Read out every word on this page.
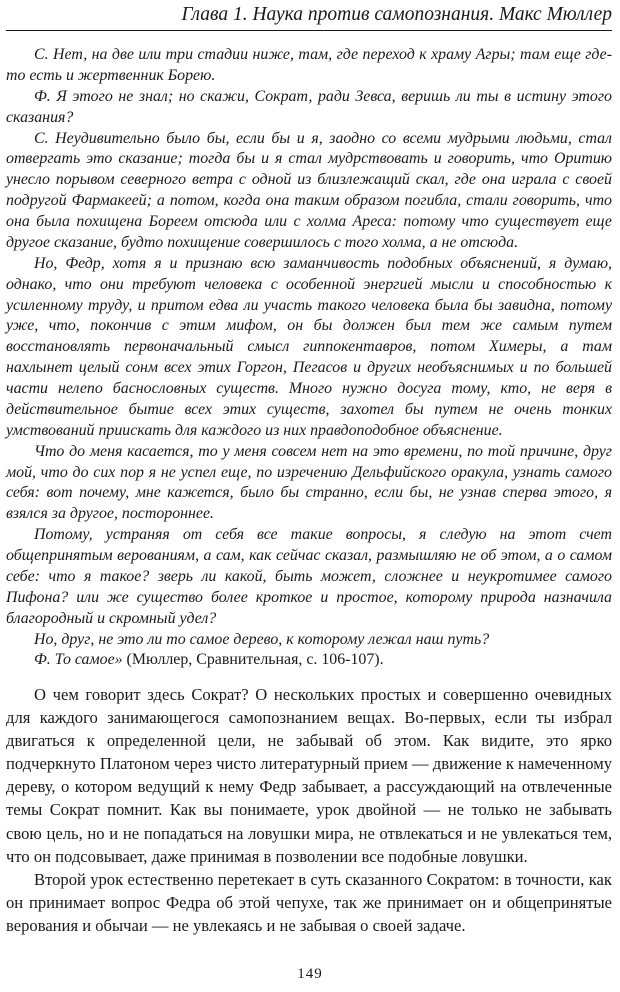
Глава 1. Наука против самопознания. Макс Мюллер

С. Нет, на две или три стадии ниже, там, где переход к храму Агры; там еще где-то есть и жертвенник Борею.

Ф. Я этого не знал; но скажи, Сократ, ради Зевса, веришь ли ты в истину этого сказания?

С. Неудивительно было бы, если бы и я, заодно со всеми мудрыми людьми, стал отвергать это сказание; тогда бы и я стал мудрствовать и говорить, что Оритию унесло порывом северного ветра с одной из близлежащий скал, где она играла с своей подругой Фармакеей; а потом, когда она таким образом погибла, стали говорить, что она была похищена Бореем отсюда или с холма Ареса: потому что существует еще другое сказание, будто похищение совершилось с того холма, а не отсюда.

Но, Федр, хотя я и признаю всю заманчивость подобных объяснений, я думаю, однако, что они требуют человека с особенной энергией мысли и способностью к усиленному труду, и притом едва ли участь такого человека была бы завидна, потому уже, что, покончив с этим мифом, он бы должен был тем же самым путем восстановлять первоначальный смысл гиппокентавров, потом Химеры, а там нахлынет целый сонм всех этих Горгон, Пегасов и других необъяснимых и по большей части нелепо баснословных существ. Много нужно досуга тому, кто, не веря в действительное бытие всех этих существ, захотел бы путем не очень тонких умствований приискать для каждого из них правдоподобное объяснение.

Что до меня касается, то у меня совсем нет на это времени, по той причине, друг мой, что до сих пор я не успел еще, по изречению Дельфийского оракула, узнать самого себя: вот почему, мне кажется, было бы странно, если бы, не узнав сперва этого, я взялся за другое, постороннее.

Потому, устраняя от себя все такие вопросы, я следую на этот счет общепринятым верованиям, а сам, как сейчас сказал, размышляю не об этом, а о самом себе: что я такое? зверь ли какой, быть может, сложнее и неукротимее самого Пифона? или же существо более кроткое и простое, которому природа назначила благородный и скромный удел?

Но, друг, не это ли то самое дерево, к которому лежал наш путь?

Ф. То самое» (Мюллер, Сравнительная, с. 106-107).

О чем говорит здесь Сократ? О нескольких простых и совершенно очевидных для каждого занимающегося самопознанием вещах. Во-первых, если ты избрал двигаться к определенной цели, не забывай об этом. Как видите, это ярко подчеркнуто Платоном через чисто литературный прием — движение к намеченному дереву, о котором ведущий к нему Федр забывает, а рассуждающий на отвлеченные темы Сократ помнит. Как вы понимаете, урок двойной — не только не забывать свою цель, но и не попадаться на ловушки мира, не отвлекаться и не увлекаться тем, что он подсовывает, даже принимая в позволении все подобные ловушки.

Второй урок естественно перетекает в суть сказанного Сократом: в точности, как он принимает вопрос Федра об этой чепухе, так же принимает он и общепринятые верования и обычаи — не увлекаясь и не забывая о своей задаче.

149
